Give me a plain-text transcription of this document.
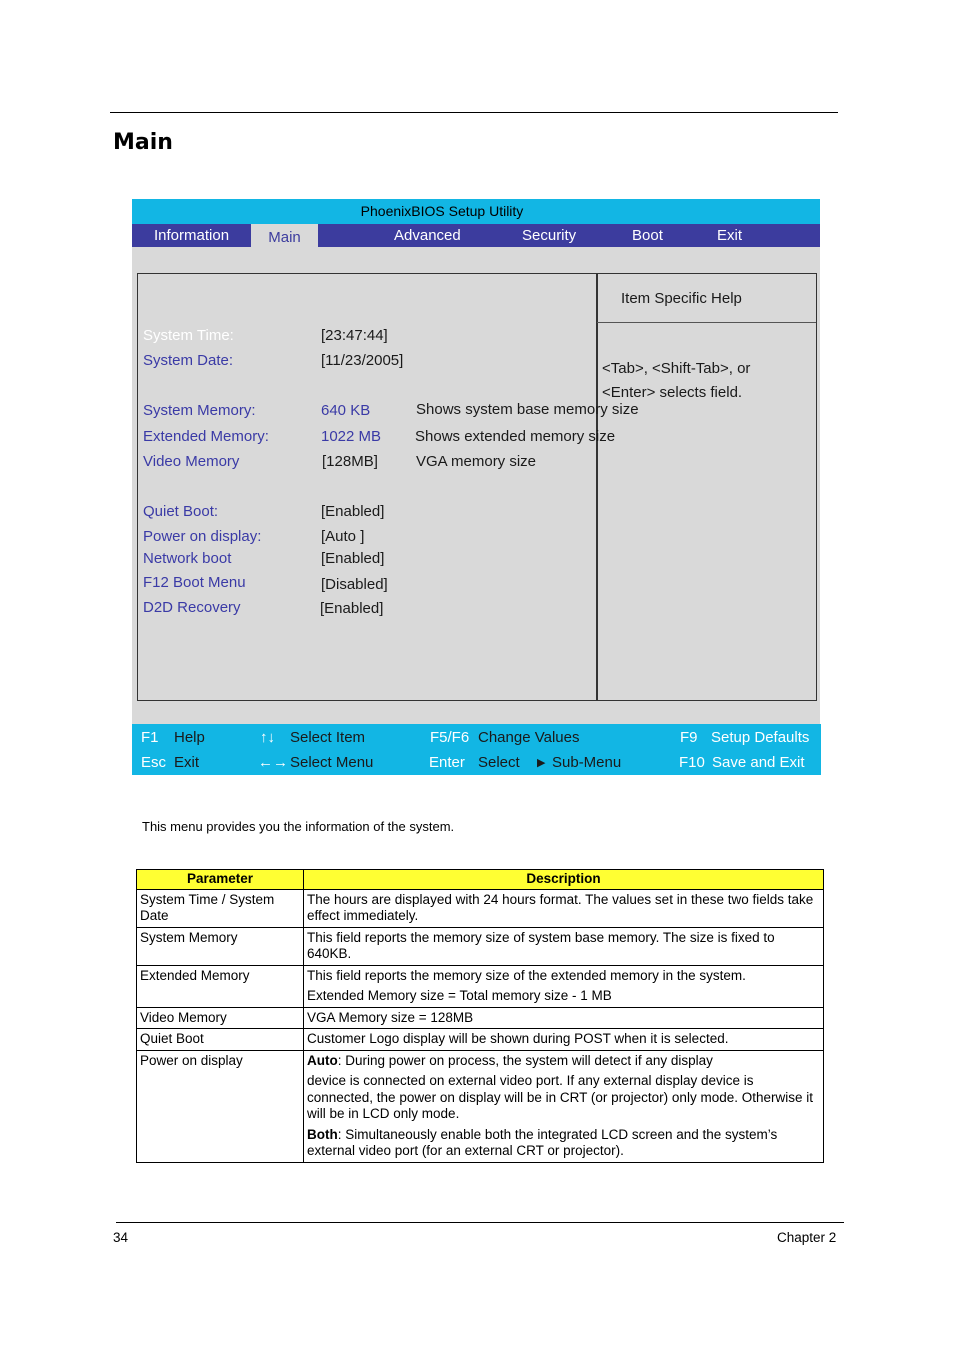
Main
PhoenixBIOS Setup Utility
Information	Main	Advanced	Security	Boot	Exit
Item Specific Help
<Tab>, <Shift-Tab>, or
<Enter> selects field.
System Time:	[23:47:44]
System Date:	[11/23/2005]
System Memory:	640 KB	Shows system base memory size
Extended Memory:	1022 MB Shows extended memory size
Video Memory	[128MB]	VGA memory size
Quiet Boot:	[Enabled]
Power on display:	[Auto ]
Network boot	[Enabled]
F12 Boot Menu	[Disabled]
D2D Recovery	[Enabled]
F1 Help	↑↓ Select Item	F5/F6 Change Values	F9 Setup Defaults
Esc Exit	←→ Select Menu	Enter Select ▶ Sub-Menu	F10 Save and Exit
This menu provides you the information of the system.
Parameter	Description
System Time / System Date	The hours are displayed with 24 hours format. The values set in these two fields take effect immediately.
System Memory	This field reports the memory size of system base memory. The size is fixed to 640KB.
Extended Memory	This field reports the memory size of the extended memory in the system.

Extended Memory size = Total memory size - 1 MB

Video Memory	VGA Memory size = 128MB
Quiet Boot	Customer Logo display will be shown during POST when it is selected.
Power on display	Auto: During power on process, the system will detect if any display

device is connected on external video port. If any external display device is connected, the power on display will be in CRT (or projector) only mode. Otherwise it will be in LCD only mode.

Both: Simultaneously enable both the integrated LCD screen and the system’s external video port (for an external CRT or projector).

34	Chapter 2
